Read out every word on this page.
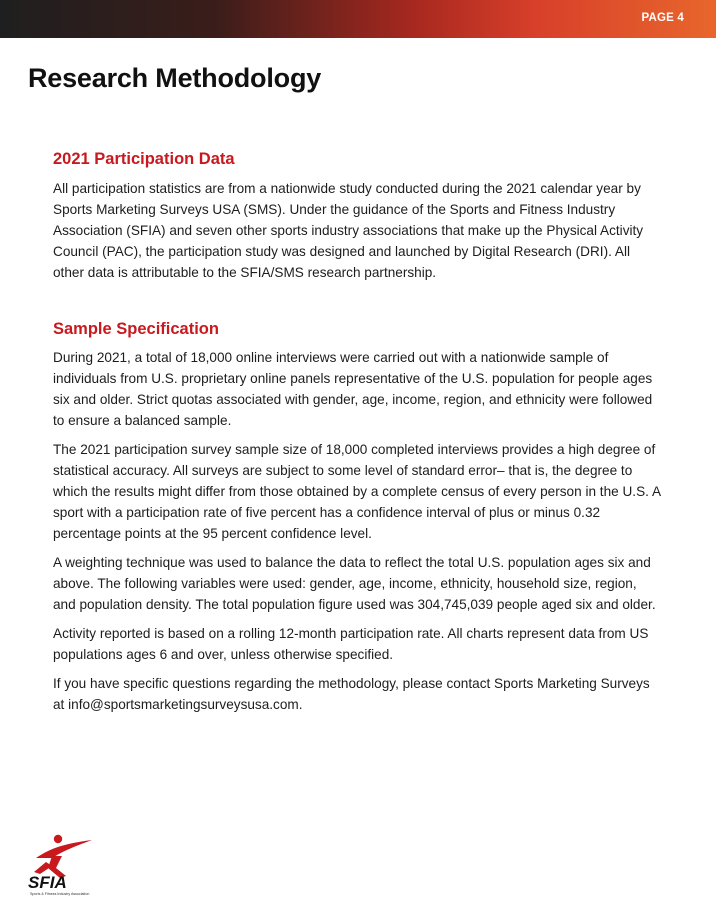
PAGE 4
Research Methodology
2021 Participation Data

All participation statistics are from a nationwide study conducted during the 2021 calendar year by Sports Marketing Surveys USA (SMS). Under the guidance of the Sports and Fitness Industry Association (SFIA) and seven other sports industry associations that make up the Physical Activity Council (PAC), the participation study was designed and launched by Digital Research (DRI). All other data is attributable to the SFIA/SMS research partnership.

Sample Specification

During 2021, a total of 18,000 online interviews were carried out with a nationwide sample of individuals from U.S. proprietary online panels representative of the U.S. population for people ages six and older. Strict quotas associated with gender, age, income, region, and ethnicity were followed to ensure a balanced sample.

The 2021 participation survey sample size of 18,000 completed interviews provides a high degree of statistical accuracy. All surveys are subject to some level of standard error– that is, the degree to which the results might differ from those obtained by a complete census of every person in the U.S. A sport with a participation rate of five percent has a confidence interval of plus or minus 0.32 percentage points at the 95 percent confidence level.

A weighting technique was used to balance the data to reflect the total U.S. population ages six and above. The following variables were used: gender, age, income, ethnicity, household size, region, and population density. The total population figure used was 304,745,039 people aged six and older.

Activity reported is based on a rolling 12-month participation rate. All charts represent data from US populations ages 6 and over, unless otherwise specified.

If you have specific questions regarding the methodology, please contact Sports Marketing Surveys at info@sportsmarketingsurveysusa.com.

SFIA
Sports & Fitness Industry Association
